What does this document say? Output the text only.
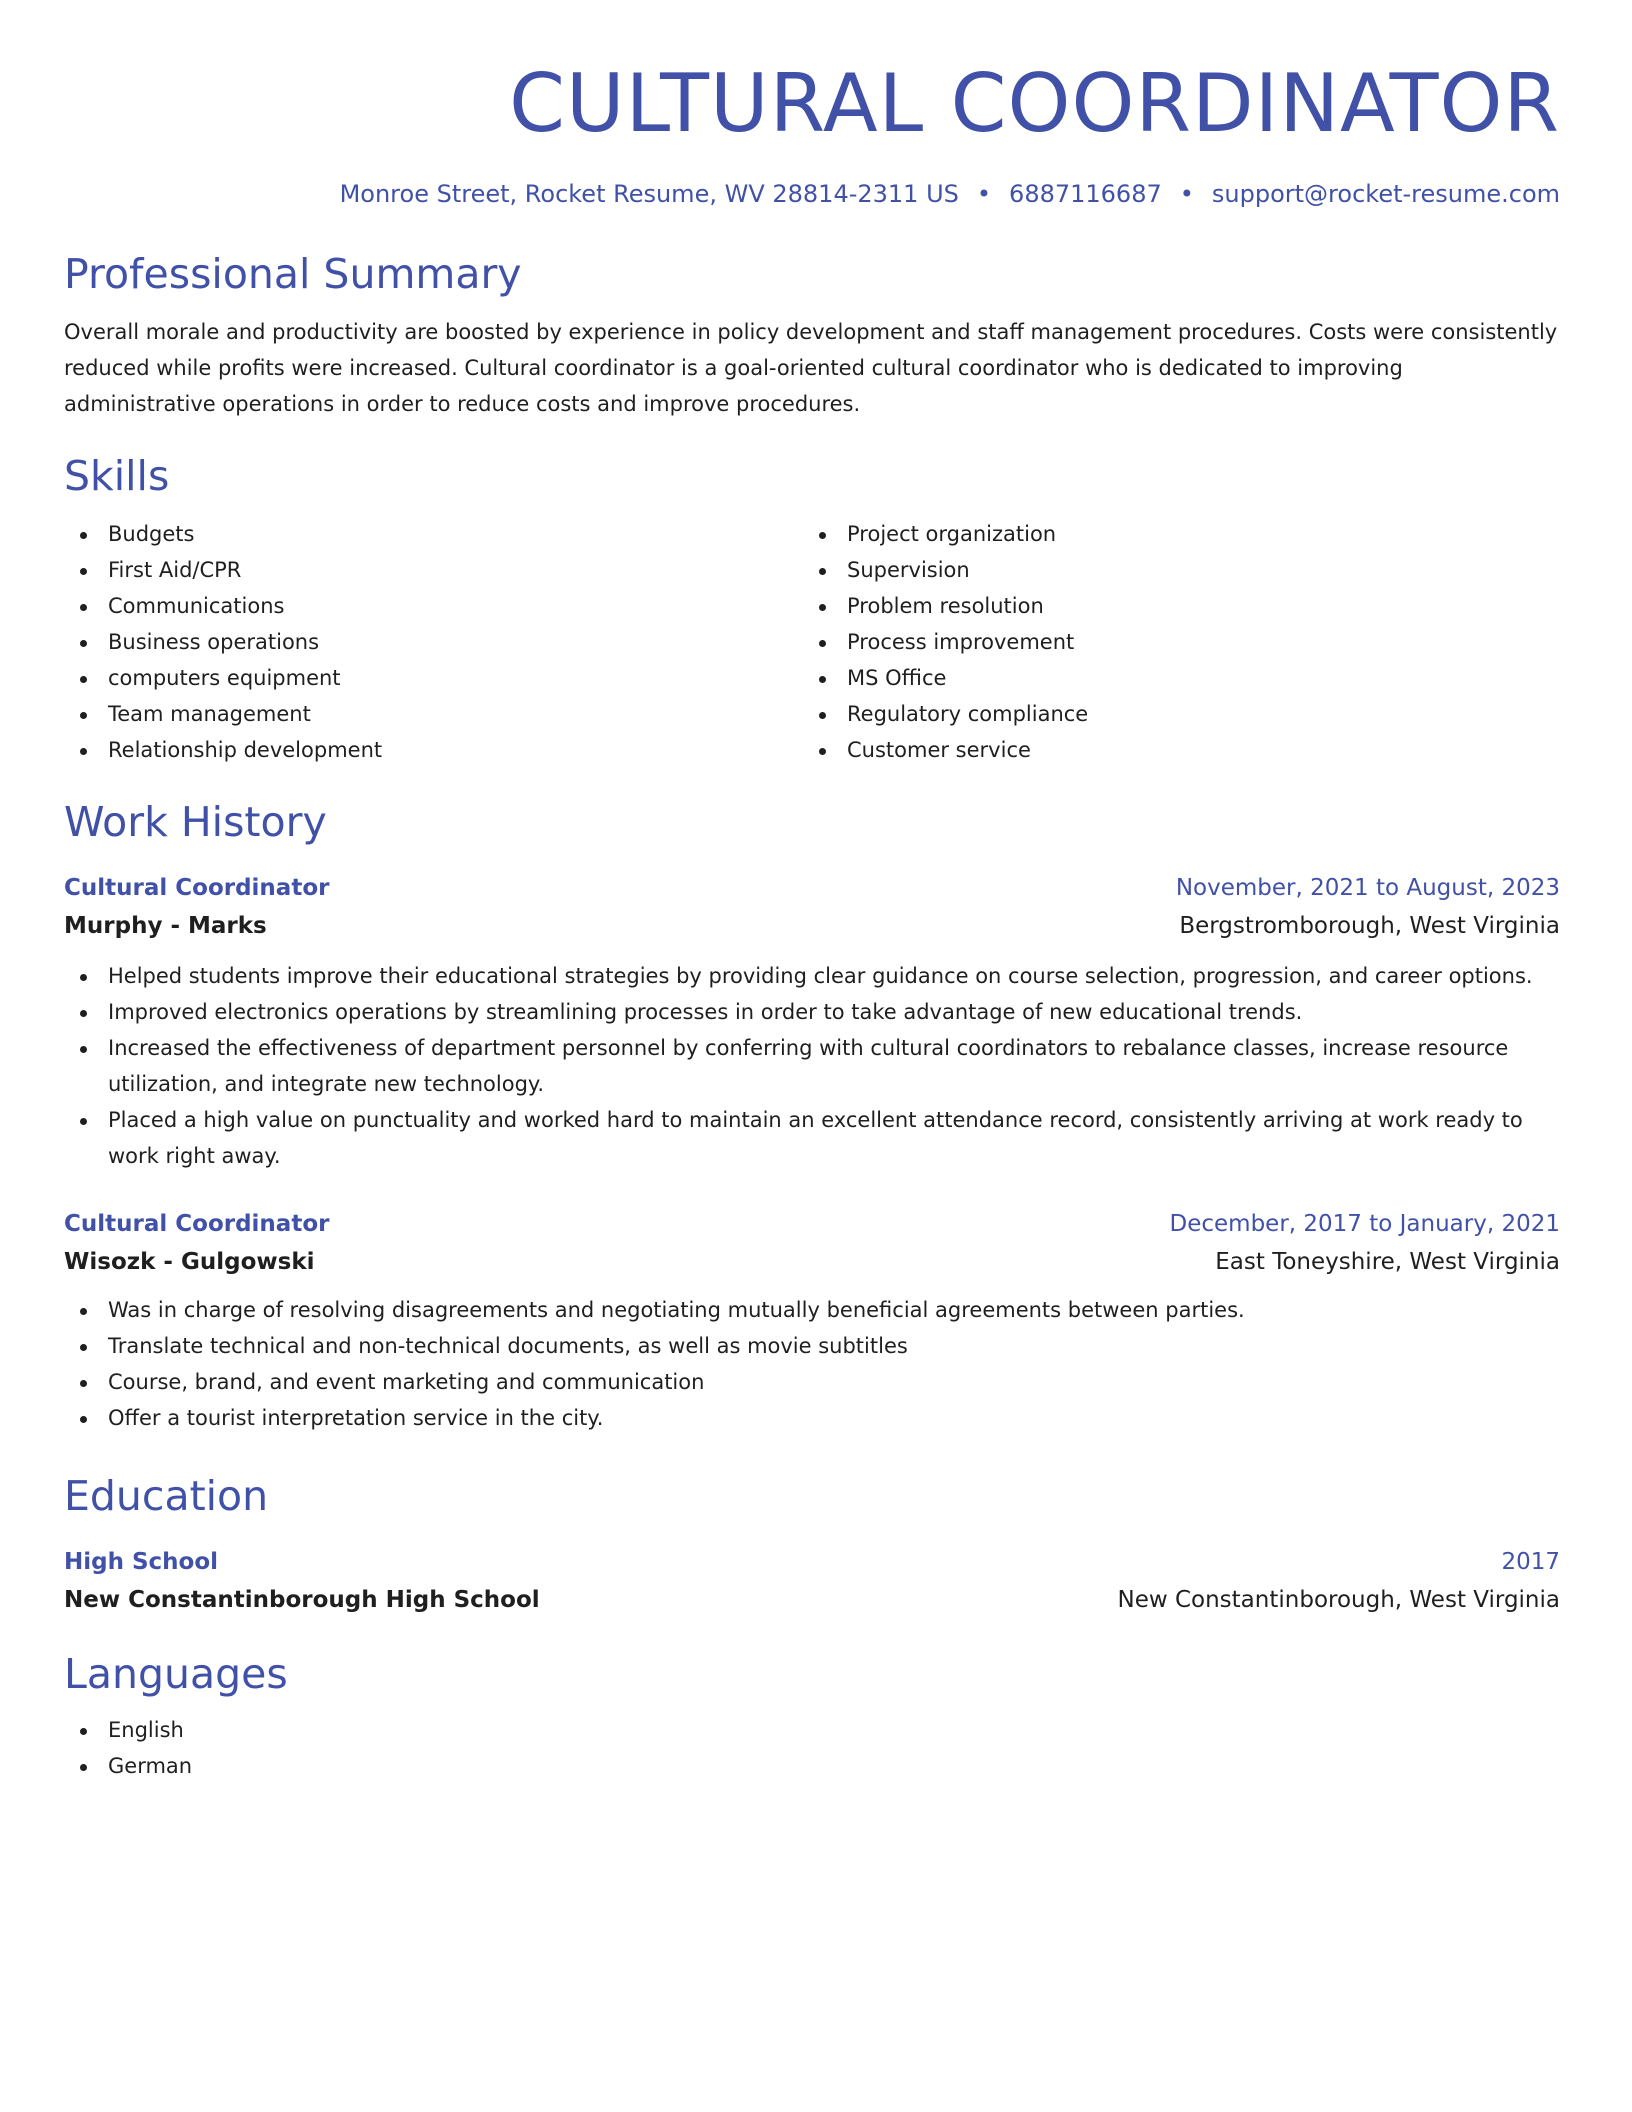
CULTURAL COORDINATOR
Monroe Street, Rocket Resume, WV 28814-2311 US • 6887116687 • support@rocket-resume.com
Professional Summary
Overall morale and productivity are boosted by experience in policy development and staff management procedures. Costs were consistently reduced while profits were increased. Cultural coordinator is a goal-oriented cultural coordinator who is dedicated to improving administrative operations in order to reduce costs and improve procedures.
Skills
Budgets
First Aid/CPR
Communications
Business operations
computers equipment
Team management
Relationship development
Project organization
Supervision
Problem resolution
Process improvement
MS Office
Regulatory compliance
Customer service
Work History
Cultural Coordinator	November, 2021 to August, 2023
Murphy - Marks	Bergstromborough, West Virginia
Helped students improve their educational strategies by providing clear guidance on course selection, progression, and career options.
Improved electronics operations by streamlining processes in order to take advantage of new educational trends.
Increased the effectiveness of department personnel by conferring with cultural coordinators to rebalance classes, increase resource utilization, and integrate new technology.
Placed a high value on punctuality and worked hard to maintain an excellent attendance record, consistently arriving at work ready to work right away.
Cultural Coordinator	December, 2017 to January, 2021
Wisozk - Gulgowski	East Toneyshire, West Virginia
Was in charge of resolving disagreements and negotiating mutually beneficial agreements between parties.
Translate technical and non-technical documents, as well as movie subtitles
Course, brand, and event marketing and communication
Offer a tourist interpretation service in the city.
Education
High School	2017
New Constantinborough High School	New Constantinborough, West Virginia
Languages
English
German
